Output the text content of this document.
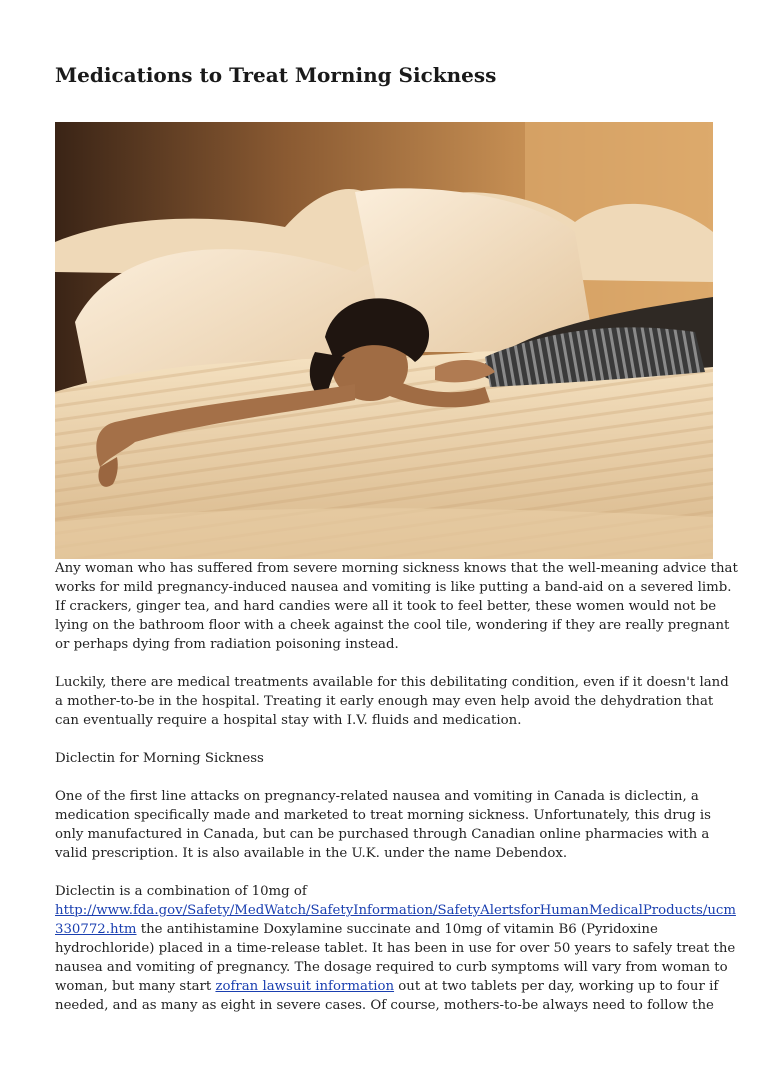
Medications to Treat Morning Sickness

Any woman who has suffered from severe morning sickness knows that the well-meaning advice that
works for mild pregnancy-induced nausea and vomiting is like putting a band-aid on a severed limb.
If crackers, ginger tea, and hard candies were all it took to feel better, these women would not be
lying on the bathroom floor with a cheek against the cool tile, wondering if they are really pregnant
or perhaps dying from radiation poisoning instead.

Luckily, there are medical treatments available for this debilitating condition, even if it doesn't land
a mother-to-be in the hospital. Treating it early enough may even help avoid the dehydration that
can eventually require a hospital stay with I.V. fluids and medication.

Diclectin for Morning Sickness

One of the first line attacks on pregnancy-related nausea and vomiting in Canada is diclectin, a
medication specifically made and marketed to treat morning sickness. Unfortunately, this drug is
only manufactured in Canada, but can be purchased through Canadian online pharmacies with a
valid prescription. It is also available in the U.K. under the name Debendox.

Diclectin is a combination of 10mg of
http://www.fda.gov/Safety/MedWatch/SafetyInformation/SafetyAlertsforHumanMedicalProducts/ucm
330772.htm the antihistamine Doxylamine succinate and 10mg of vitamin B6 (Pyridoxine
hydrochloride) placed in a time-release tablet. It has been in use for over 50 years to safely treat the
nausea and vomiting of pregnancy. The dosage required to curb symptoms will vary from woman to
woman, but many start zofran lawsuit information out at two tablets per day, working up to four if
needed, and as many as eight in severe cases. Of course, mothers-to-be always need to follow the
